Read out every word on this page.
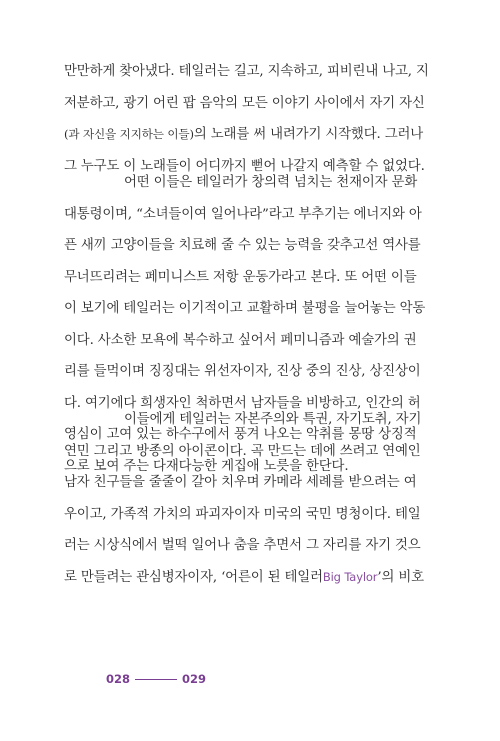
만만하게 찾아냈다. 테일러는 길고, 지속하고, 피비린내 나고, 지
저분하고, 광기 어린 팝 음악의 모든 이야기 사이에서 자기 자신
(과 자신을 지지하는 이들)의 노래를 써 내려가기 시작했다. 그러나
그 누구도 이 노래들이 어디까지 뻗어 나갈지 예측할 수 없었다.
어떤 이들은 테일러가 창의력 넘치는 천재이자 문화
대통령이며, “소녀들이여 일어나라”라고 부추기는 에너지와 아
픈 새끼 고양이들을 치료해 줄 수 있는 능력을 갖추고선 역사를
무너뜨리려는 페미니스트 저항 운동가라고 본다. 또 어떤 이들
이 보기에 테일러는 이기적이고 교활하며 불평을 늘어놓는 악동
이다. 사소한 모욕에 복수하고 싶어서 페미니즘과 예술가의 권
리를 들먹이며 징징대는 위선자이자, 진상 중의 진상, 상진상이
다. 여기에다 희생자인 척하면서 남자들을 비방하고, 인간의 허
영심이 고여 있는 하수구에서 풍겨 나오는 악취를 몽땅 상징적
으로 보여 주는 다재다능한 게집애 노릇을 한단다.
이들에게 테일러는 자본주의와 특권, 자기도취, 자기
연민 그리고 방종의 아이콘이다. 곡 만드는 데에 쓰려고 연예인
남자 친구들을 줄줄이 갈아 치우며 카메라 세례를 받으려는 여
우이고, 가족적 가치의 파괴자이자 미국의 국민 명청이다. 테일
러는 시상식에서 벌떡 일어나 춤을 추면서 그 자리를 자기 것으
로 만들려는 관심병자이자, ‘어른이 된 테일러Big Taylor’의 비호
028	029
